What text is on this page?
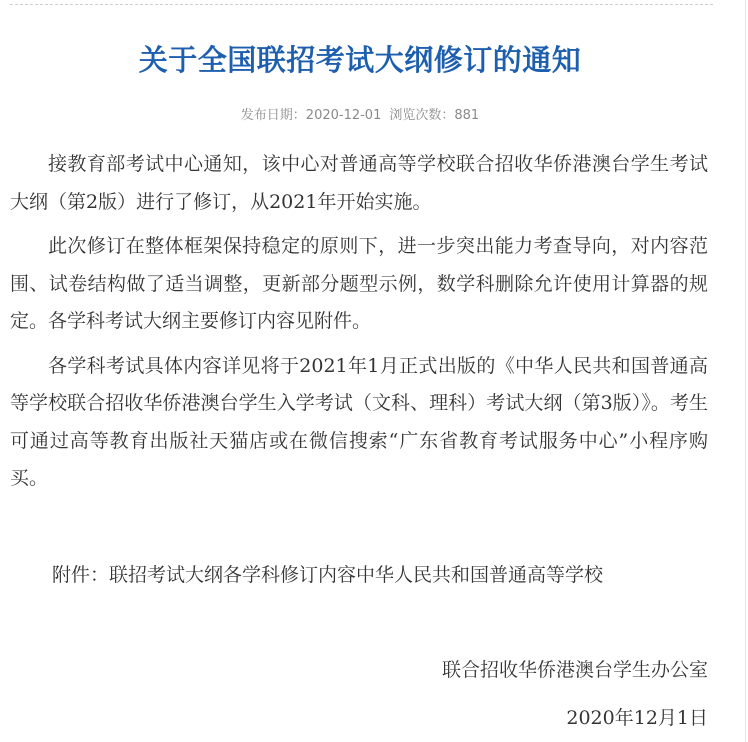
关于全国联招考试大纲修订的通知
发布日期：2020-12-01 浏览次数：881

接教育部考试中心通知，该中心对普通高等学校联合招收华侨港澳台学生考试大纲（第2版）进行了修订，从2021年开始实施。

此次修订在整体框架保持稳定的原则下，进一步突出能力考查导向，对内容范围、试卷结构做了适当调整，更新部分题型示例，数学科删除允许使用计算器的规定。各学科考试大纲主要修订内容见附件。

各学科考试具体内容详见将于2021年1月正式出版的《中华人民共和国普通高等学校联合招收华侨港澳台学生入学考试（文科、理科）考试大纲（第3版）》。考生可通过高等教育出版社天猫店或在微信搜索“广东省教育考试服务中心”小程序购买。

附件：联招考试大纲各学科修订内容中华人民共和国普通高等学校
联合招收华侨港澳台学生办公室
2020年12月1日
